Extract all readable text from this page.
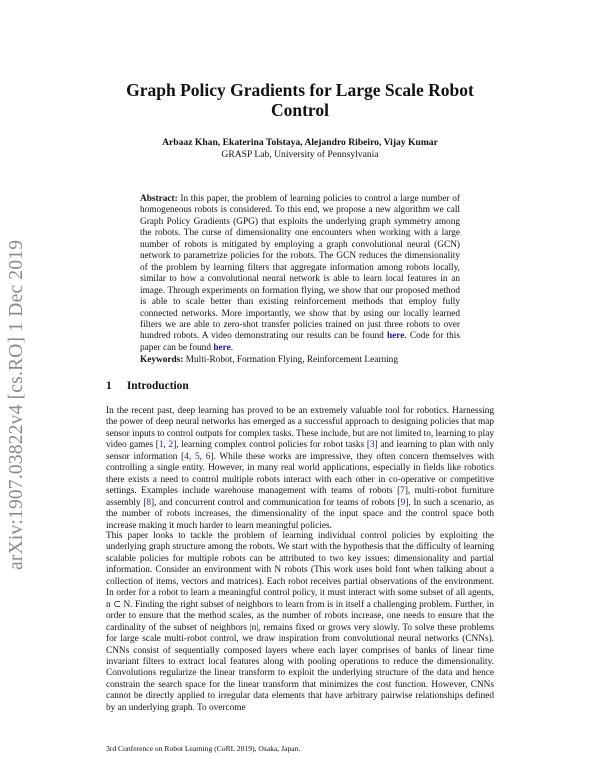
arXiv:1907.03822v4 [cs.RO] 1 Dec 2019
Graph Policy Gradients for Large Scale Robot Control
Arbaaz Khan, Ekaterina Tolstaya, Alejandro Ribeiro, Vijay Kumar
GRASP Lab, University of Pennsylvania
Abstract: In this paper, the problem of learning policies to control a large number of homogeneous robots is considered. To this end, we propose a new algorithm we call Graph Policy Gradients (GPG) that exploits the underlying graph symmetry among the robots. The curse of dimensionality one encounters when working with a large number of robots is mitigated by employing a graph convolutional neural (GCN) network to parametrize policies for the robots. The GCN reduces the dimensionality of the problem by learning filters that aggregate information among robots locally, similar to how a convolutional neural network is able to learn local features in an image. Through experiments on formation flying, we show that our proposed method is able to scale better than existing reinforcement methods that employ fully connected networks. More importantly, we show that by using our locally learned filters we are able to zero-shot transfer policies trained on just three robots to over hundred robots. A video demonstrating our results can be found here. Code for this paper can be found here.
Keywords: Multi-Robot, Formation Flying, Reinforcement Learning
1 Introduction
In the recent past, deep learning has proved to be an extremely valuable tool for robotics. Harnessing the power of deep neural networks has emerged as a successful approach to designing policies that map sensor inputs to control outputs for complex tasks. These include, but are not limited to, learning to play video games [1, 2], learning complex control policies for robot tasks [3] and learning to plan with only sensor information [4, 5, 6]. While these works are impressive, they often concern themselves with controlling a single entity. However, in many real world applications, especially in fields like robotics there exists a need to control multiple robots interact with each other in co-operative or competitive settings. Examples include warehouse management with teams of robots [7], multi-robot furniture assembly [8], and concurrent control and communication for teams of robots [9]. In such a scenario, as the number of robots increases, the dimensionality of the input space and the control space both increase making it much harder to learn meaningful policies.
This paper looks to tackle the problem of learning individual control policies by exploiting the underlying graph structure among the robots. We start with the hypothesis that the difficulty of learning scalable policies for multiple robots can be attributed to two key issues: dimensionality and partial information. Consider an environment with N robots (This work uses bold font when talking about a collection of items, vectors and matrices). Each robot receives partial observations of the environment. In order for a robot to learn a meaningful control policy, it must interact with some subset of all agents, n ⊂ N. Finding the right subset of neighbors to learn from is in itself a challenging problem. Further, in order to ensure that the method scales, as the number of robots increase, one needs to ensure that the cardinality of the subset of neighbors |n|, remains fixed or grows very slowly. To solve these problems for large scale multi-robot control, we draw inspiration from convolutional neural networks (CNNs). CNNs consist of sequentially composed layers where each layer comprises of banks of linear time invariant filters to extract local features along with pooling operations to reduce the dimensionality. Convolutions regularize the linear transform to exploit the underlying structure of the data and hence constrain the search space for the linear transform that minimizes the cost function. However, CNNs cannot be directly applied to irregular data elements that have arbitrary pairwise relationships defined by an underlying graph. To overcome
3rd Conference on Robot Learning (CoRL 2019), Osaka, Japan.
